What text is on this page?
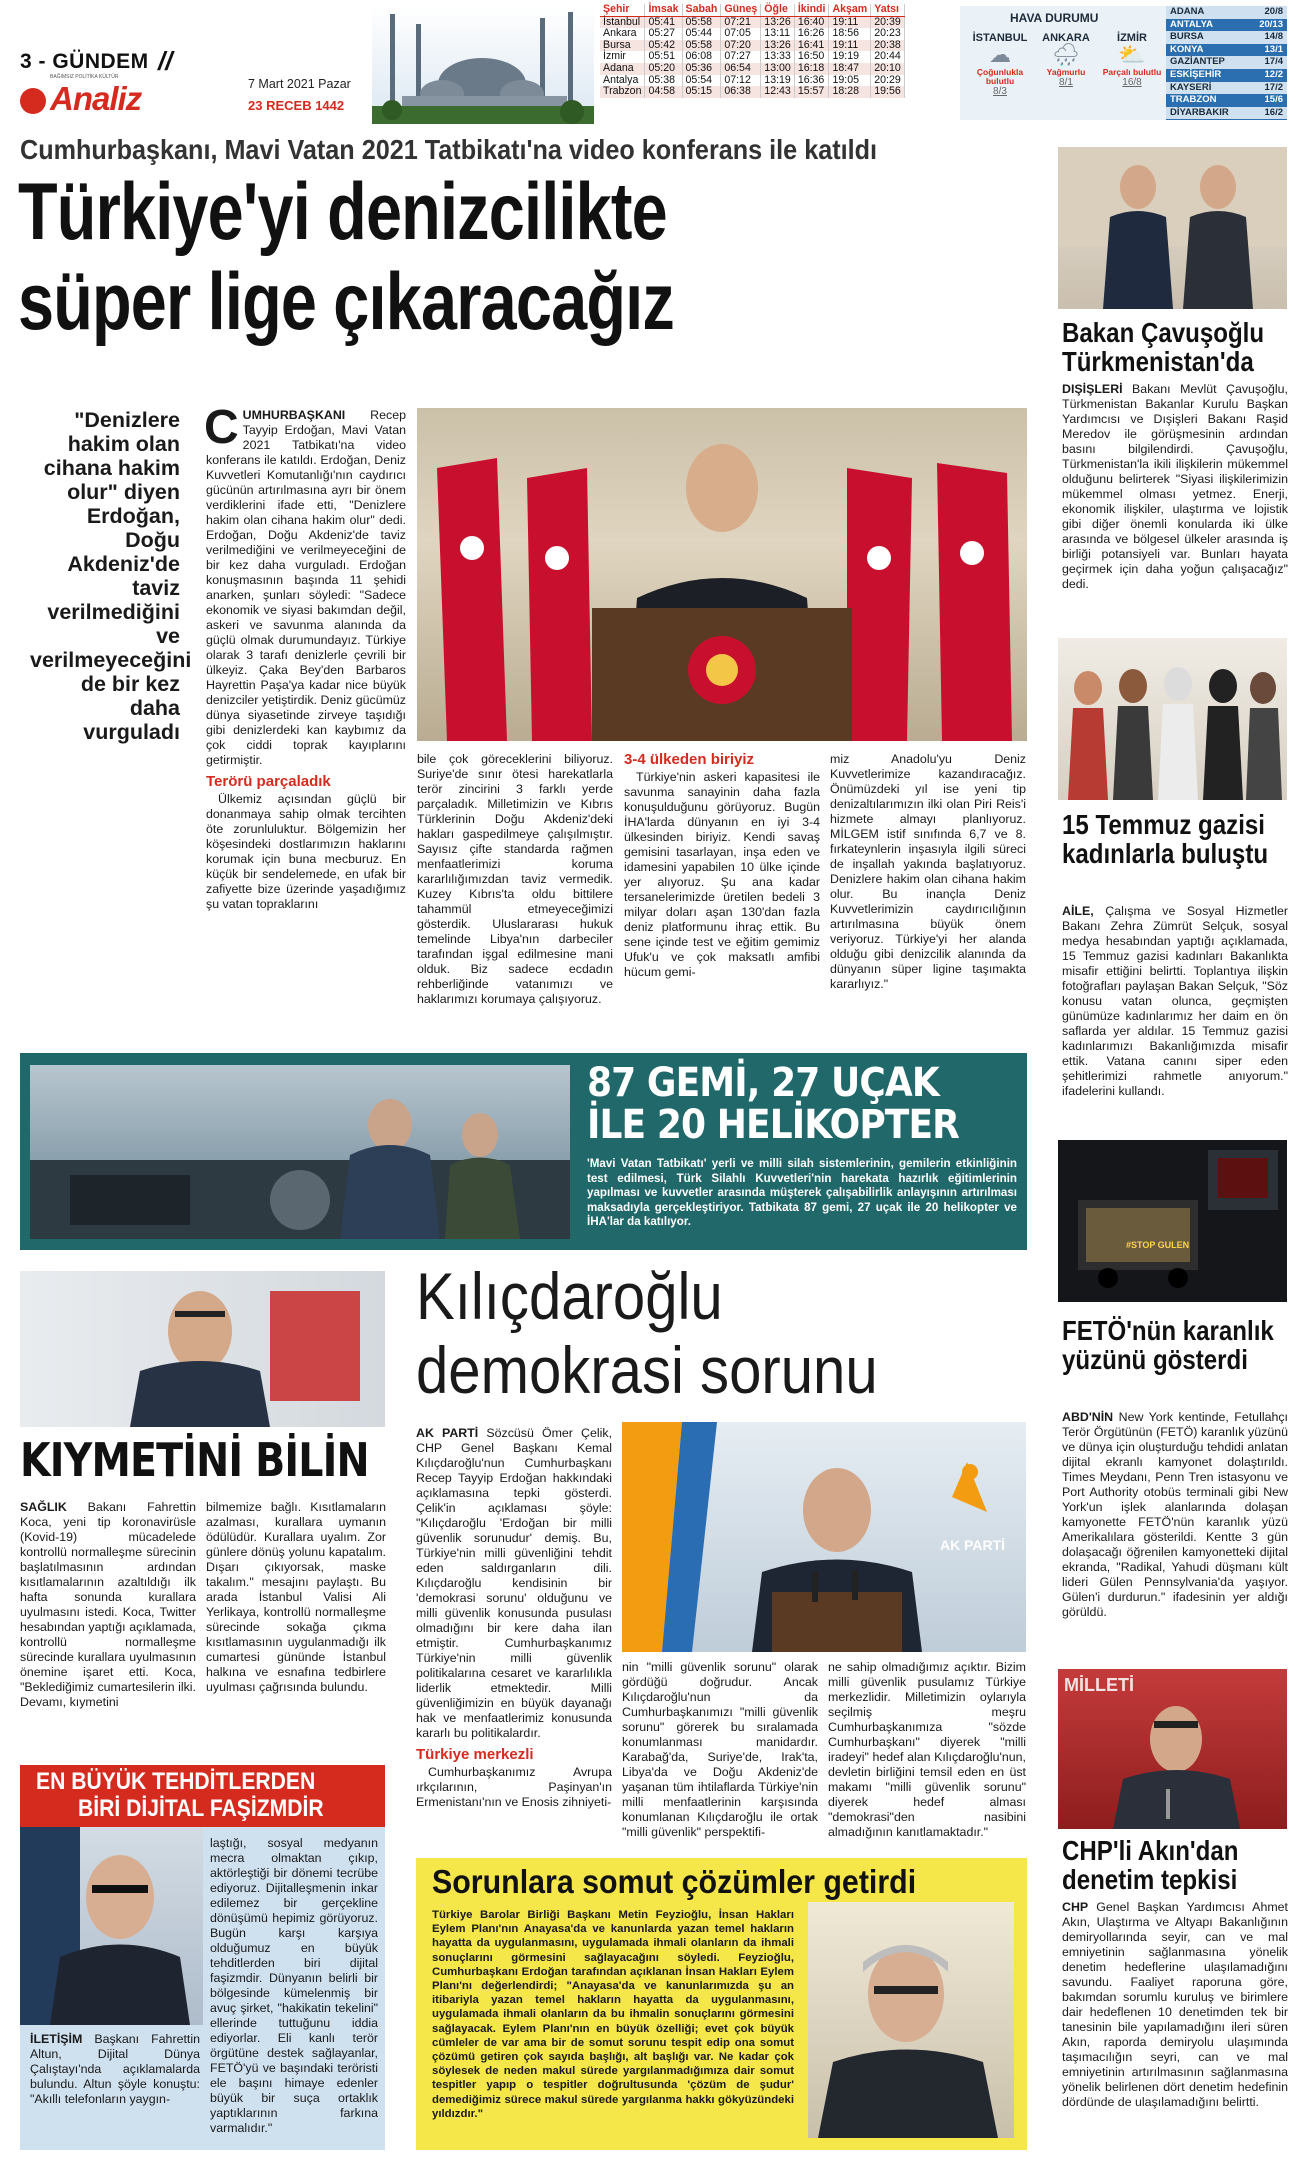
3 - GÜNDEM //
Analiz
BAĞIMSIZ POLİTİKA KÜLTÜR	7 Mart 2021 Pazar
23 RECEB 1442
Şehir	İmsak	Sabah	Güneş	Öğle	İkindi	Akşam	Yatsı
İstanbul	05:41	05:58	07:21	13:26	16:40	19:11	20:39
Ankara	05:27	05:44	07:05	13:11	16:26	18:56	20:23
Bursa	05:42	05:58	07:20	13:26	16:41	19:11	20:38
İzmir	05:51	06:08	07:27	13:33	16:50	19:19	20:44
Adana	05:20	05:36	06:54	13:00	16:18	18:47	20:10
Antalya	05:38	05:54	07:12	13:19	16:36	19:05	20:29
Trabzon	04:58	05:15	06:38	12:43	15:57	18:28	19:56
HAVA DURUMU
İSTANBUL
☁
Çoğunlukla bulutlu
8/3
ANKARA
🌧
Yağmurlu
8/1
İZMİR
⛅
Parçalı bulutlu
16/8
ADANA	20/8
ANTALYA	20/13
BURSA	14/8
KONYA	13/1
GAZİANTEP	17/4
ESKİŞEHİR	12/2
KAYSERİ	17/2
TRABZON	15/6
DİYARBAKIR	16/2
Cumhurbaşkanı, Mavi Vatan 2021 Tatbikatı'na video konferans ile katıldı
Türkiye'yi denizcilikte
süper lige çıkaracağız
"Denizlere hakim olan cihana hakim olur" diyen Erdoğan, Doğu Akdeniz'de taviz verilmediğini ve verilmeyeceğini de bir kez daha vurguladı
CUMHURBAŞKANI Recep Tayyip Erdoğan, Mavi Vatan 2021 Tatbikatı'na video konferans ile katıldı. Erdoğan, Deniz Kuvvetleri Komutanlığı'nın caydırıcı gücünün artırılmasına ayrı bir önem verdiklerini ifade etti, "Denizlere hakim olan cihana hakim olur" dedi. Erdoğan, Doğu Akdeniz'de taviz verilmediğini ve verilmeyeceğini de bir kez daha vurguladı. Erdoğan konuşmasının başında 11 şehidi anarken, şunları söyledi: "Sadece ekonomik ve siyasi bakımdan değil, askeri ve savunma alanında da güçlü olmak durumundayız. Türkiye olarak 3 tarafı denizlerle çevrili bir ülkeyiz. Çaka Bey'den Barbaros Hayrettin Paşa'ya kadar nice büyük denizciler yetiştirdik. Deniz gücümüz dünya siyasetinde zirveye taşıdığı gibi denizlerdeki kan kaybımız da çok ciddi toprak kayıplarını getirmiştir.
Terörü parçaladık
Ülkemiz açısından güçlü bir donanmaya sahip olmak tercihten öte zorunluluktur. Bölgemizin her köşesindeki dostlarımızın haklarını korumak için buna mecburuz. En küçük bir sendelemede, en ufak bir zafiyette bize üzerinde yaşadığımız şu vatan topraklarını
bile çok göreceklerini biliyoruz. Suriye'de sınır ötesi harekatlarla terör zincirini 3 farklı yerde parçaladık. Milletimizin ve Kıbrıs Türklerinin Doğu Akdeniz'deki hakları gaspedilmeye çalışılmıştır. Sayısız çifte standarda rağmen menfaatlerimizi koruma kararlılığımızdan taviz vermedik. Kuzey Kıbrıs'ta oldu bittilere tahammül etmeyeceğimizi gösterdik. Uluslararası hukuk temelinde Libya'nın darbeciler tarafından işgal edilmesine mani olduk. Biz sadece ecdadın rehberliğinde vatanımızı ve haklarımızı korumaya çalışıyoruz.
3-4 ülkeden biriyiz
Türkiye'nin askeri kapasitesi ile savunma sanayinin daha fazla konuşulduğunu görüyoruz. Bugün İHA'larda dünyanın en iyi 3-4 ülkesinden biriyiz. Kendi savaş gemisini tasarlayan, inşa eden ve idamesini yapabilen 10 ülke içinde yer alıyoruz. Şu ana kadar tersanelerimizde üretilen bedeli 3 milyar doları aşan 130'dan fazla deniz platformunu ihraç ettik. Bu sene içinde test ve eğitim gemimiz Ufuk'u ve çok maksatlı amfibi hücum gemi-
miz Anadolu'yu Deniz Kuvvetlerimize kazandıracağız. Önümüzdeki yıl ise yeni tip denizaltılarımızın ilki olan Piri Reis'i hizmete almayı planlıyoruz. MİLGEM istif sınıfında 6,7 ve 8. fırkateynlerin inşasıyla ilgili süreci de inşallah yakında başlatıyoruz. Denizlere hakim olan cihana hakim olur. Bu inançla Deniz Kuvvetlerimizin caydırıcılığının artırılmasına büyük önem veriyoruz. Türkiye'yi her alanda olduğu gibi denizcilik alanında da dünyanın süper ligine taşımakta kararlıyız."
87 GEMİ, 27 UÇAK
İLE 20 HELİKOPTER
'Mavi Vatan Tatbikatı' yerli ve milli silah sistemlerinin, gemilerin etkinliğinin test edilmesi, Türk Silahlı Kuvvetleri'nin harekata hazırlık eğitimlerinin yapılması ve kuvvetler arasında müşterek çalışabilirlik anlayışının artırılması maksadıyla gerçekleştiriyor. Tatbikata 87 gemi, 27 uçak ile 20 helikopter ve İHA'lar da katılıyor.
KIYMETİNİ BİLİN
SAĞLIK Bakanı Fahrettin Koca, yeni tip koronavirüsle (Kovid-19) mücadelede kontrollü normalleşme sürecinin başlatılmasının ardından kısıtlamalarının azaltıldığı ilk hafta sonunda kurallara uyulmasını istedi. Koca, Twitter hesabından yaptığı açıklamada, kontrollü normalleşme sürecinde kurallara uyulmasının önemine işaret etti. Koca, "Beklediğimiz cumartesilerin ilki. Devamı, kıymetini
bilmemize bağlı. Kısıtlamaların azalması, kurallara uymanın ödülüdür. Kurallara uyalım. Zor günlere dönüş yolunu kapatalım. Dışarı çıkıyorsak, maske takalım." mesajını paylaştı. Bu arada İstanbul Valisi Ali Yerlikaya, kontrollü normalleşme sürecinde sokağa çıkma kısıtlamasının uygulanmadığı ilk cumartesi gününde İstanbul halkına ve esnafına tedbirlere uyulması çağrısında bulundu.
EN BÜYÜK TEHDİTLERDEN
BİRİ DİJİTAL FAŞİZMDİR
İLETİŞİM Başkanı Fahrettin Altun, Dijital Dünya Çalıştayı'nda açıklamalarda bulundu. Altun şöyle konuştu: "Akıllı telefonların yaygın-
laştığı, sosyal medyanın mecra olmaktan çıkıp, aktörleştiği bir dönemi tecrübe ediyoruz. Dijitalleşmenin inkar edilemez bir gerçekline dönüşümü hepimiz görüyoruz. Bugün karşı karşıya olduğumuz en büyük tehditlerden biri dijital faşizmdir. Dünyanın belirli bir bölgesinde kümelenmiş bir avuç şirket, "hakikatin tekelini" ellerinde tuttuğunu iddia ediyorlar. Eli kanlı terör örgütüne destek sağlayanlar, FETÖ'yü ve başındaki teröristi ele başını himaye edenler büyük bir suça ortaklık yaptıklarının farkına varmalıdır."
Kılıçdaroğlu
demokrasi sorunu
AK PARTİ Sözcüsü Ömer Çelik, CHP Genel Başkanı Kemal Kılıçdaroğlu'nun Cumhurbaşkanı Recep Tayyip Erdoğan hakkındaki açıklamasına tepki gösterdi. Çelik'in açıklaması şöyle: "Kılıçdaroğlu 'Erdoğan bir milli güvenlik sorunudur' demiş. Bu, Türkiye'nin milli güvenliğini tehdit eden saldırganların dili. Kılıçdaroğlu kendisinin bir 'demokrasi sorunu' olduğunu ve milli güvenlik konusunda pusulası olmadığını bir kere daha ilan etmiştir. Cumhurbaşkanımız Türkiye'nin milli güvenlik politikalarına cesaret ve kararlılıkla liderlik etmektedir. Milli güvenliğimizin en büyük dayanağı hak ve menfaatlerimiz konusunda kararlı bu politikalardır.
Türkiye merkezli
Cumhurbaşkanımız Avrupa ırkçılarının, Paşinyan'ın Ermenistanı'nın ve Enosis zihniyeti-
AK PARTİ
nin "milli güvenlik sorunu" olarak gördüğü doğrudur. Ancak Kılıçdaroğlu'nun da Cumhurbaşkanımızı "milli güvenlik sorunu" görerek bu sıralamada konumlanması manidardır. Karabağ'da, Suriye'de, Irak'ta, Libya'da ve Doğu Akdeniz'de yaşanan tüm ihtilaflarda Türkiye'nin milli menfaatlerinin karşısında konumlanan Kılıçdaroğlu ile ortak "milli güvenlik" perspektifi-
ne sahip olmadığımız açıktır. Bizim milli güvenlik pusulamız Türkiye merkezlidir. Milletimizin oylarıyla seçilmiş meşru Cumhurbaşkanımıza "sözde Cumhurbaşkanı" diyerek "milli iradeyi" hedef alan Kılıçdaroğlu'nun, devletin birliğini temsil eden en üst makamı "milli güvenlik sorunu" diyerek hedef alması "demokrasi"den nasibini almadığının kanıtlamaktadır."
Sorunlara somut çözümler getirdi
Türkiye Barolar Birliği Başkanı Metin Feyzioğlu, İnsan Hakları Eylem Planı'nın Anayasa'da ve kanunlarda yazan temel hakların hayatta da uygulanmasını, uygulamada ihmali olanların da ihmali sonuçlarını görmesini sağlayacağını söyledi. Feyzioğlu, Cumhurbaşkanı Erdoğan tarafından açıklanan İnsan Hakları Eylem Planı'nı değerlendirdi; "Anayasa'da ve kanunlarımızda şu an itibariyla yazan temel hakların hayatta da uygulanmasını, uygulamada ihmali olanların da bu ihmalin sonuçlarını görmesini sağlayacak. Eylem Planı'nın en büyük özelliği; evet çok büyük cümleler de var ama bir de somut sorunu tespit edip ona somut çözümü getiren çok sayıda başlığı, alt başlığı var. Ne kadar çok söylesek de neden makul sürede yargılanmadığımıza dair somut tespitler yapıp o tespitler doğrultusunda 'çözüm de şudur' demediğimiz sürece makul sürede yargılanma hakkı gökyüzündeki yıldızdır."
Bakan Çavuşoğlu Türkmenistan'da
DIŞİŞLERİ Bakanı Mevlüt Çavuşoğlu, Türkmenistan Bakanlar Kurulu Başkan Yardımcısı ve Dışişleri Bakanı Raşid Meredov ile görüşmesinin ardından basını bilgilendirdi. Çavuşoğlu, Türkmenistan'la ikili ilişkilerin mükemmel olduğunu belirterek "Siyasi ilişkilerimizin mükemmel olması yetmez. Enerji, ekonomik ilişkiler, ulaştırma ve lojistik gibi diğer önemli konularda iki ülke arasında ve bölgesel ülkeler arasında iş birliği potansiyeli var. Bunları hayata geçirmek için daha yoğun çalışacağız" dedi.
15 Temmuz gazisi kadınlarla buluştu
AİLE, Çalışma ve Sosyal Hizmetler Bakanı Zehra Zümrüt Selçuk, sosyal medya hesabından yaptığı açıklamada, 15 Temmuz gazisi kadınları Bakanlıkta misafir ettiğini belirtti. Toplantıya ilişkin fotoğrafları paylaşan Bakan Selçuk, "Söz konusu vatan olunca, geçmişten günümüze kadınlarımız her daim en ön saflarda yer aldılar. 15 Temmuz gazisi kadınlarımızı Bakanlığımızda misafir ettik. Vatana canını siper eden şehitlerimizi rahmetle anıyorum." ifadelerini kullandı.
#STOP GULEN
FETÖ'nün karanlık yüzünü gösterdi
ABD'NİN New York kentinde, Fetullahçı Terör Örgütünün (FETÖ) karanlık yüzünü ve dünya için oluşturduğu tehdidi anlatan dijital ekranlı kamyonet dolaştırıldı. Times Meydanı, Penn Tren istasyonu ve Port Authority otobüs terminali gibi New York'un işlek alanlarında dolaşan kamyonette FETÖ'nün karanlık yüzü Amerikalılara gösterildi. Kentte 3 gün dolaşacağı öğrenilen kamyonetteki dijital ekranda, "Radikal, Yahudi düşmanı kült lideri Gülen Pennsylvania'da yaşıyor. Gülen'i durdurun." ifadesinin yer aldığı görüldü.
MİLLETİ
CHP'li Akın'dan denetim tepkisi
CHP Genel Başkan Yardımcısı Ahmet Akın, Ulaştırma ve Altyapı Bakanlığının demiryollarında seyir, can ve mal emniyetinin sağlanmasına yönelik denetim hedeflerine ulaşılamadığını savundu. Faaliyet raporuna göre, bakımdan sorumlu kuruluş ve birimlere dair hedeflenen 10 denetimden tek bir tanesinin bile yapılamadığını ileri süren Akın, raporda demiryolu ulaşımında taşımacılığın seyri, can ve mal emniyetinin artırılmasının sağlanmasına yönelik belirlenen dört denetim hedefinin dördünde de ulaşılamadığını belirtti.
